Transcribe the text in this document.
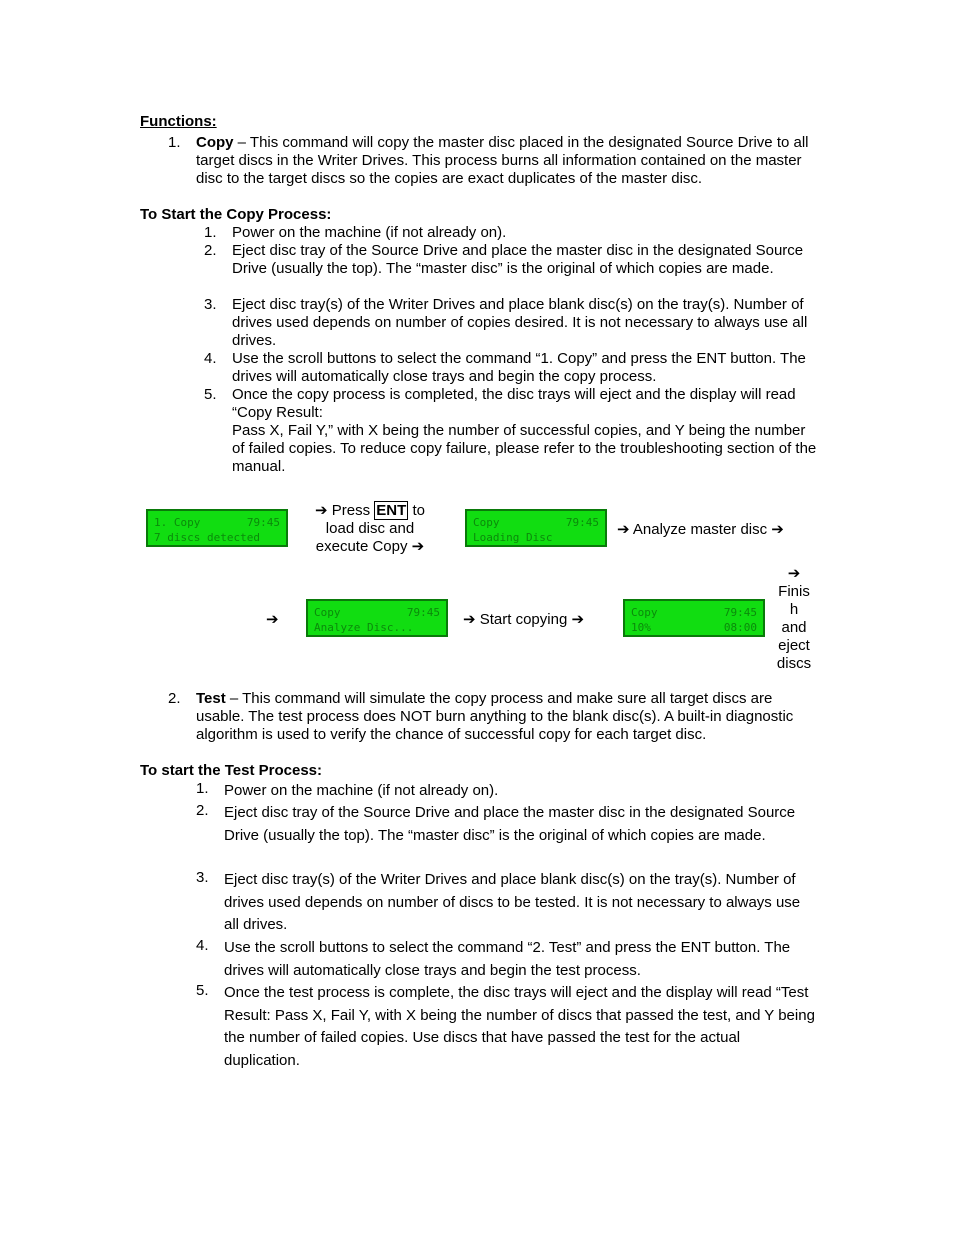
Functions:
1. Copy – This command will copy the master disc placed in the designated Source Drive to all target discs in the Writer Drives. This process burns all information contained on the master disc to the target discs so the copies are exact duplicates of the master disc.
To Start the Copy Process:
1. Power on the machine (if not already on).
2. Eject disc tray of the Source Drive and place the master disc in the designated Source Drive (usually the top). The “master disc” is the original of which copies are made.
3. Eject disc tray(s) of the Writer Drives and place blank disc(s) on the tray(s). Number of drives used depends on number of copies desired. It is not necessary to always use all drives.
4. Use the scroll buttons to select the command “1. Copy” and press the ENT button. The drives will automatically close trays and begin the copy process.
5. Once the copy process is completed, the disc trays will eject and the display will read “Copy Result:
Pass X, Fail Y,” with X being the number of successful copies, and Y being the number of failed copies. To reduce copy failure, please refer to the troubleshooting section of the manual.
1. Copy	79:45
7 discs detected
➔ Press ENT to
load disc and
execute Copy ➔
Copy	79:45
Loading Disc	➔ Analyze master disc ➔
➔	Copy	79:45
Analyze Disc...	➔ Start copying ➔	Copy	79:45
10%	08:00
➔
Finis
h
and
eject
discs
2. Test – This command will simulate the copy process and make sure all target discs are usable. The test process does NOT burn anything to the blank disc(s). A built-in diagnostic algorithm is used to verify the chance of successful copy for each target disc.
To start the Test Process:
1. Power on the machine (if not already on).
2. Eject disc tray of the Source Drive and place the master disc in the designated Source Drive (usually the top). The “master disc” is the original of which copies are made.
3. Eject disc tray(s) of the Writer Drives and place blank disc(s) on the tray(s). Number of drives used depends on number of discs to be tested. It is not necessary to always use all drives.
4. Use the scroll buttons to select the command “2. Test” and press the ENT button. The drives will automatically close trays and begin the test process.
5. Once the test process is complete, the disc trays will eject and the display will read “Test Result: Pass X, Fail Y, with X being the number of discs that passed the test, and Y being the number of failed copies. Use discs that have passed the test for the actual duplication.
